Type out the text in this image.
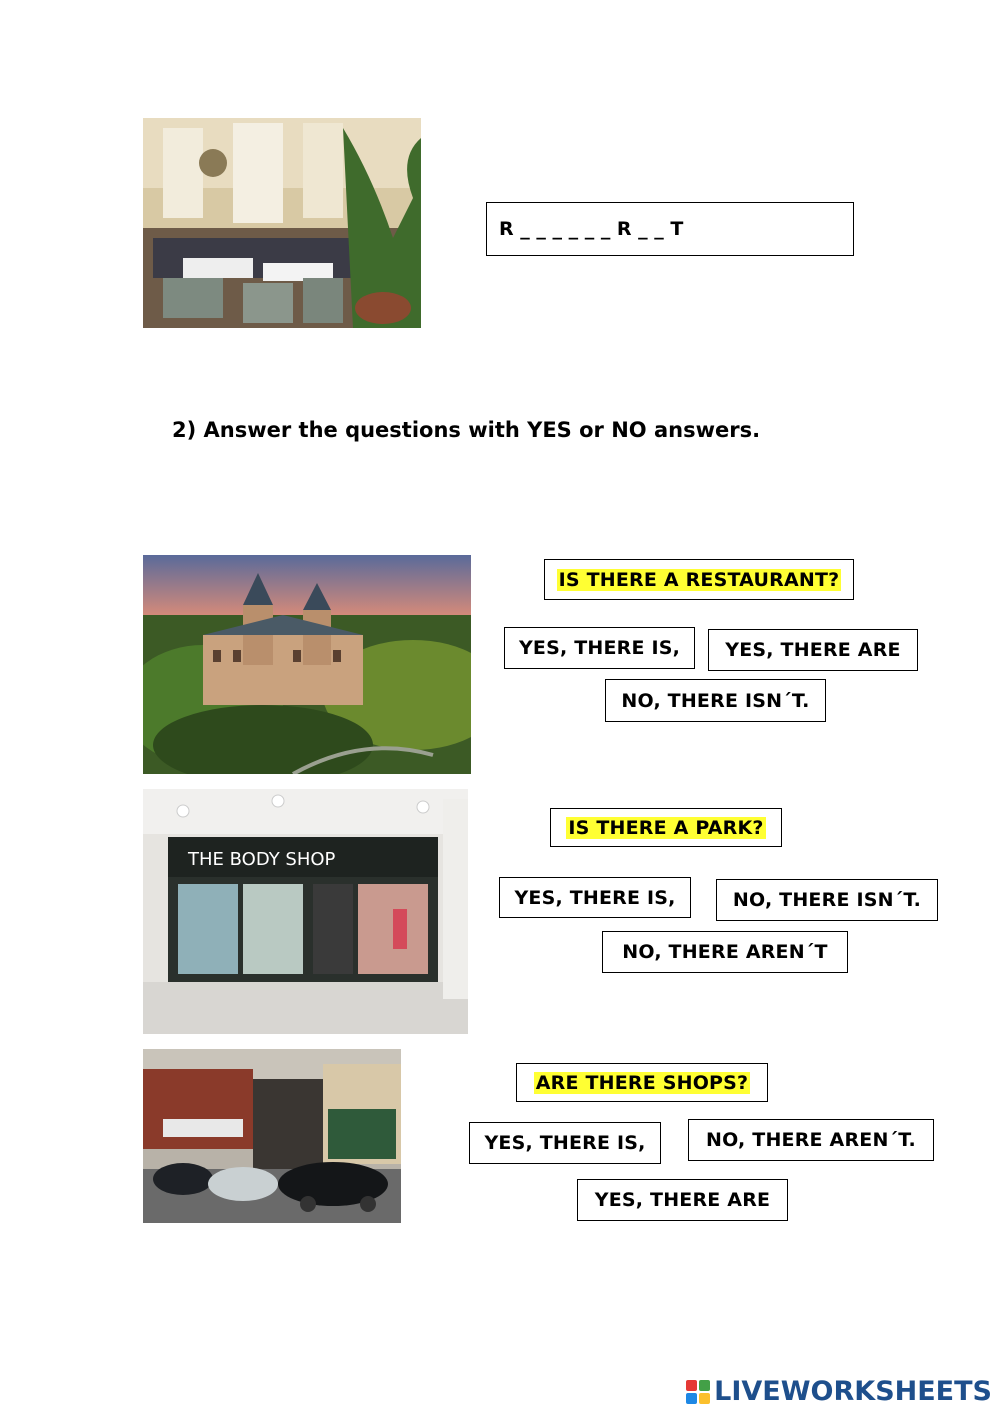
R _ _ _ _ _ _ R _ _ T
2) Answer the questions with YES or NO answers.
IS THERE A RESTAURANT?
YES, THERE IS, YES, THERE ARE
NO, THERE ISN´T.
THE BODY SHOP
IS THERE A PARK?
YES, THERE IS,	NO, THERE ISN´T.
NO, THERE AREN´T
ARE THERE SHOPS?
YES, THERE IS,	NO, THERE AREN´T.
YES, THERE ARE
LIVEWORKSHEETS
